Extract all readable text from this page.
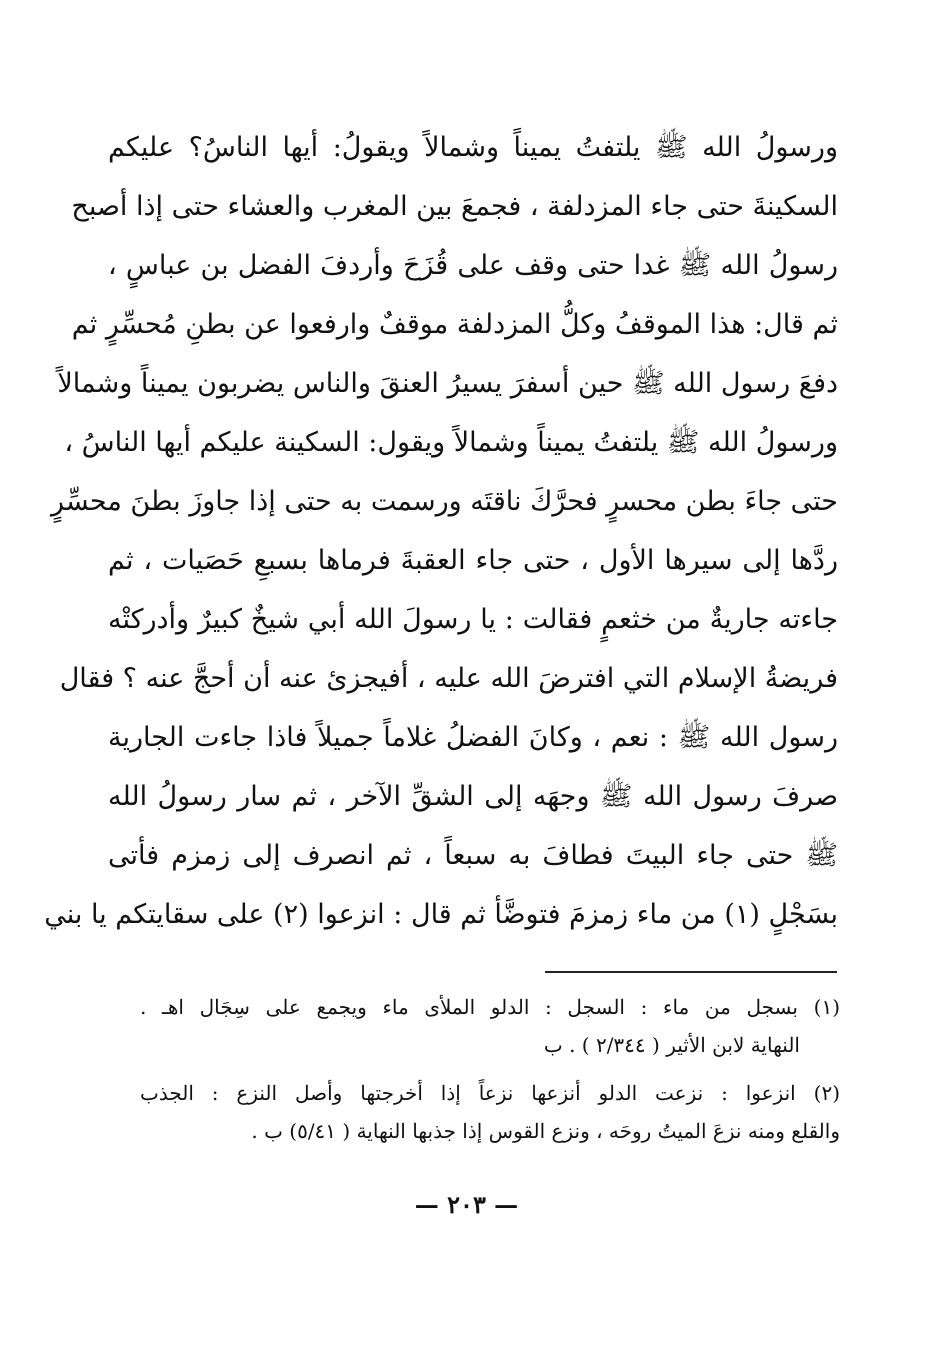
ورسولُ الله ﷺ يلتفتُ يميناً وشمالاً ويقولُ: أيها الناسُ؟ عليكم
السكينةَ حتى جاء المزدلفة ، فجمعَ بين المغرب والعشاء حتى إذا أصبح
رسولُ الله ﷺ غدا حتى وقف على قُزَحَ وأردفَ الفضل بن عباسٍ ،
ثم قال: هذا الموقفُ وكلُّ المزدلفة موقفٌ وارفعوا عن بطنِ مُحسِّرٍ ثم
دفعَ رسول الله ﷺ حين أسفرَ يسيرُ العنقَ والناس يضربون يميناً وشمالاً
ورسولُ الله ﷺ يلتفتُ يميناً وشمالاً ويقول: السكينة عليكم أيها الناسُ ،
حتى جاءَ بطن محسرٍ فحرَّكَ ناقتَه ورسمت به حتى إذا جاوزَ بطنَ محسِّرٍ
ردَّها إلى سيرها الأول ، حتى جاء العقبةَ فرماها بسبعِ حَصَيات ، ثم
جاءته جاريةٌ من خثعمٍ فقالت : يا رسولَ الله أبي شيخٌ كبيرٌ وأدركتْه
فريضةُ الإسلام التي افترضَ الله عليه ، أفيجزئ عنه أن أحجَّ عنه ؟ فقال
رسول الله ﷺ : نعم ، وكانَ الفضلُ غلاماً جميلاً فاذا جاءت الجارية
صرفَ رسول الله ﷺ وجهَه إلى الشقِّ الآخر ، ثم سار رسولُ الله
ﷺ حتى جاء البيتَ فطافَ به سبعاً ، ثم انصرف إلى زمزم فأتى
بسَجْلٍ (١) من ماء زمزمَ فتوضَّأ ثم قال : انزعوا (٢) على سقايتكم يا بني
(١) بسجل من ماء : السجل : الدلو الملأى ماء ويجمع على سِجَال اهـ .
النهاية لابن الأثير ( ٢/٣٤٤ ) . ب
(٢) انزعوا : نزعت الدلو أنزعها نزعاً إذا أخرجتها وأصل النزع : الجذب
والقلع ومنه نزعَ الميتُ روحَه ، ونزع القوس إذا جذبها النهاية ( ٥/٤١) ب .
— ٢٠٣ —
